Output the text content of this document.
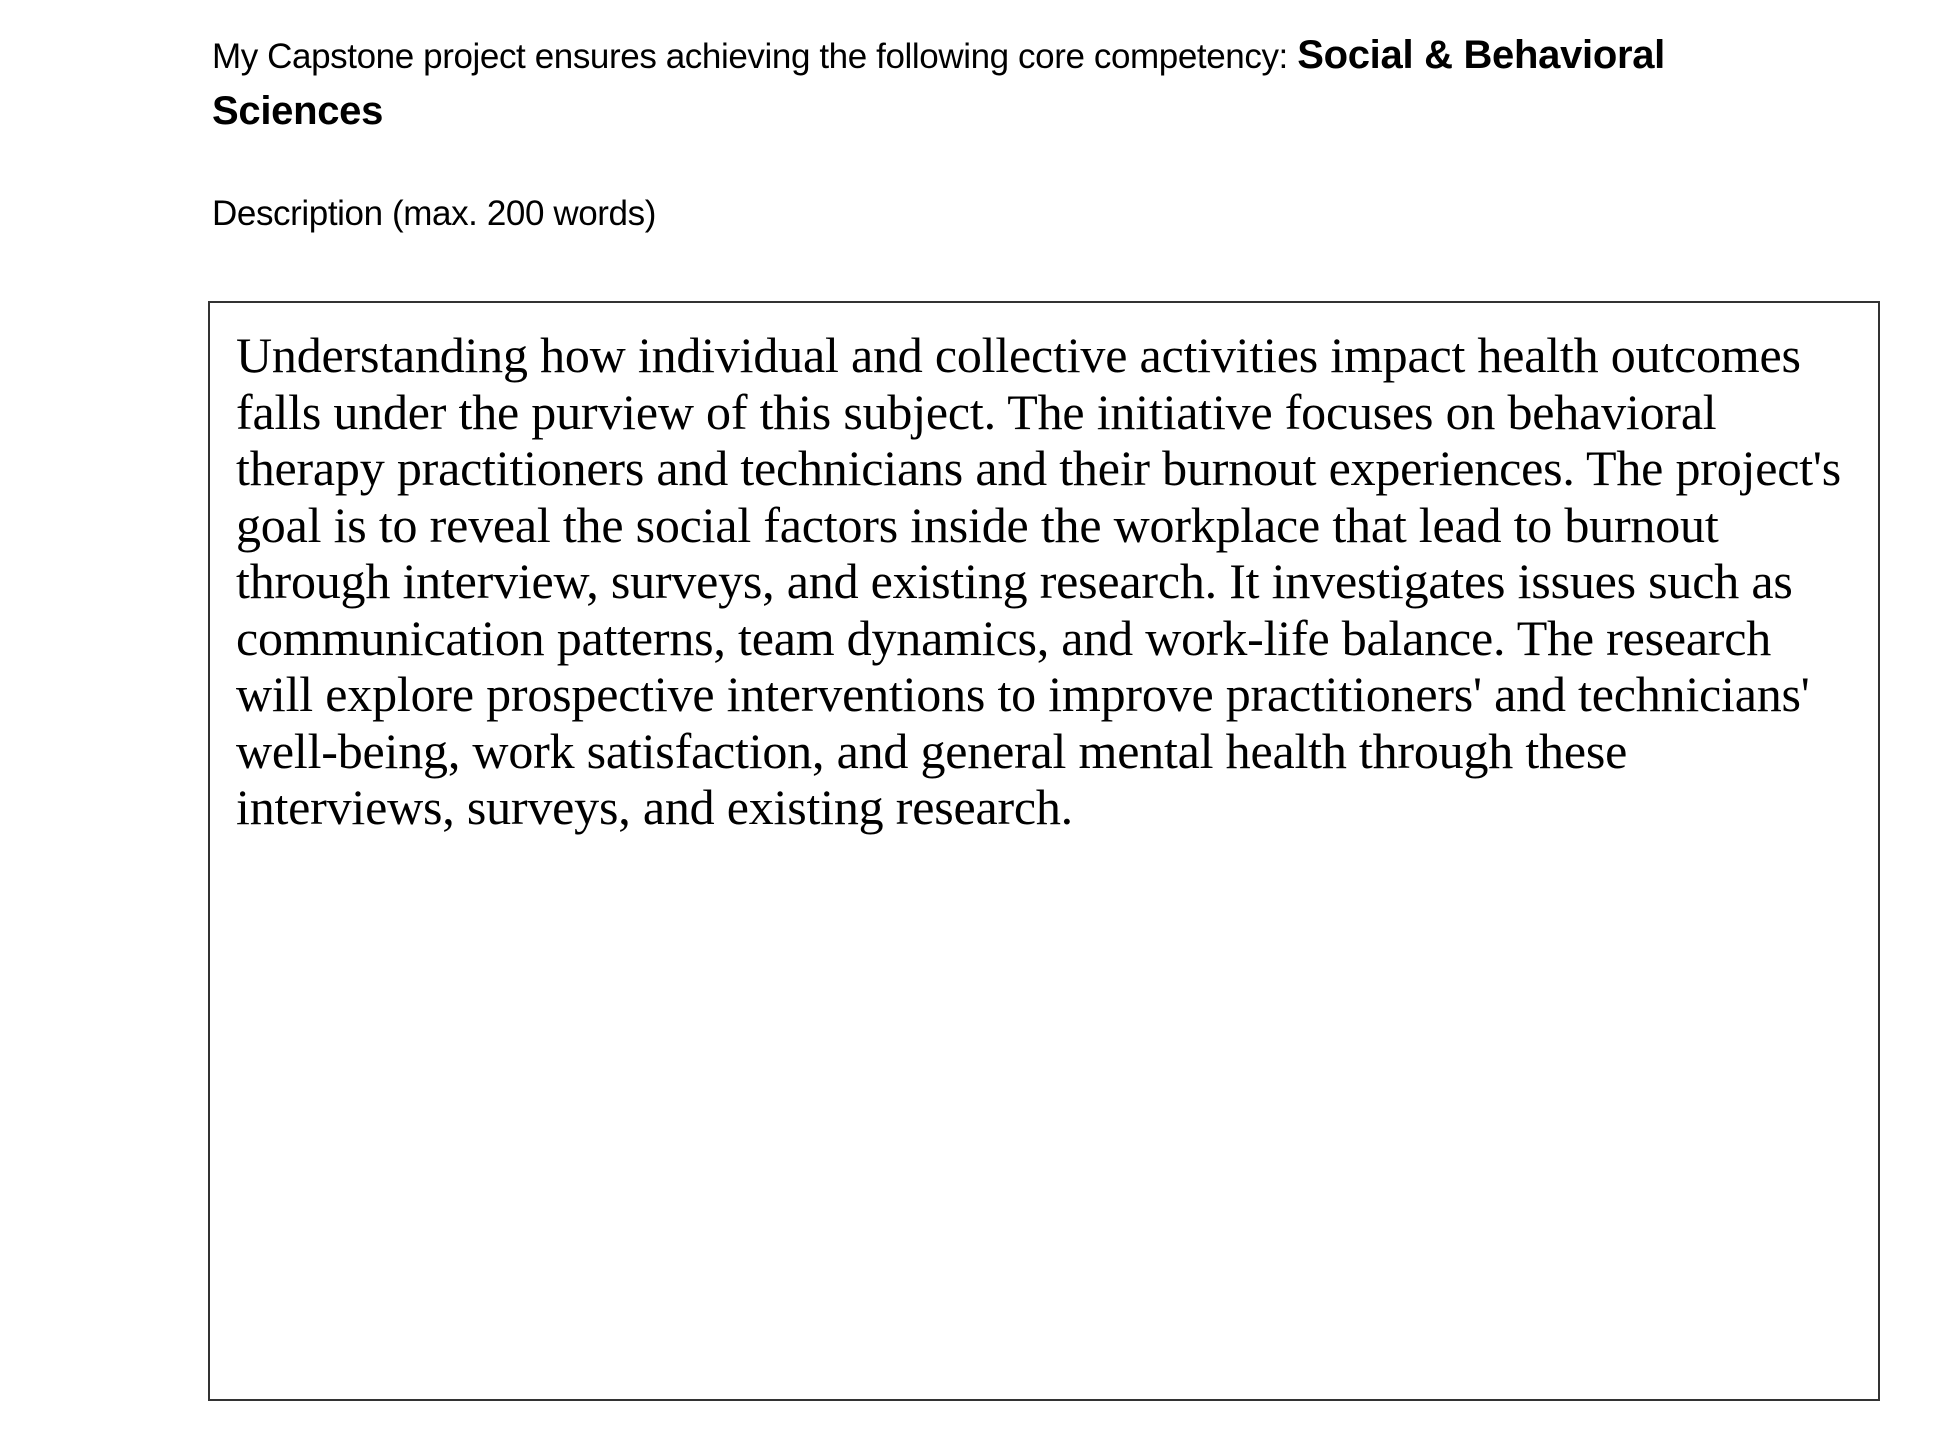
My Capstone project ensures achieving the following core competency: Social & Behavioral Sciences

Description (max. 200 words)

Understanding how individual and collective activities impact health outcomes falls under the purview of this subject. The initiative focuses on behavioral therapy practitioners and technicians and their burnout experiences. The project's goal is to reveal the social factors inside the workplace that lead to burnout through interview, surveys, and existing research. It investigates issues such as communication patterns, team dynamics, and work-life balance. The research will explore prospective interventions to improve practitioners' and technicians' well-being, work satisfaction, and general mental health through these interviews, surveys, and existing research.
